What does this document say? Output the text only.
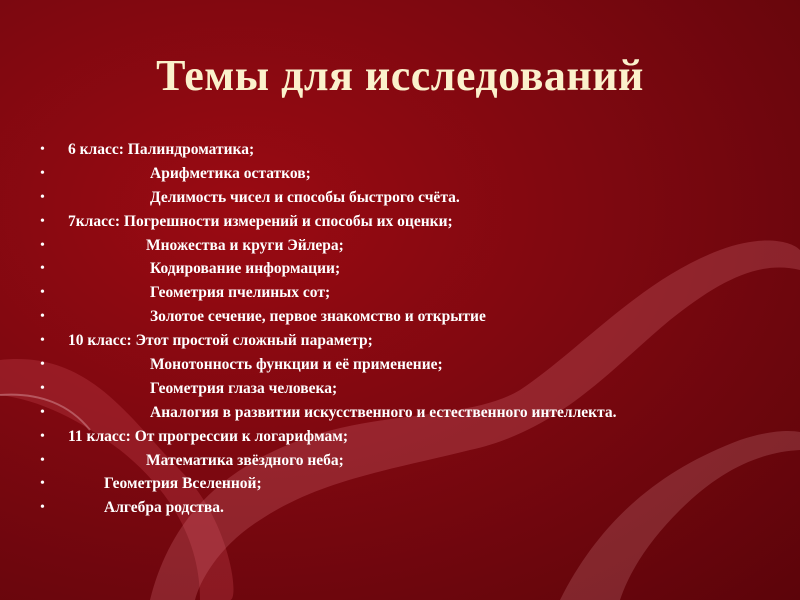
Темы для исследований
• 6 класс: Палиндроматика;
•	Арифметика остатков;
•	Делимость чисел и способы быстрого счёта.
• 7класс: Погрешности измерений и способы их оценки;
•	Множества и круги Эйлера;
•	Кодирование информации;
•	Геометрия пчелиных сот;
•	Золотое сечение, первое знакомство и открытие
• 10 класс: Этот простой сложный параметр;
•	Монотонность функции и её применение;
•	Геометрия глаза человека;
•	Аналогия в развитии искусственного и естественного интеллекта.
• 11 класс: От прогрессии к логарифмам;
•	Математика звёздного неба;
•	Геометрия Вселенной;
•	Алгебра родства.
